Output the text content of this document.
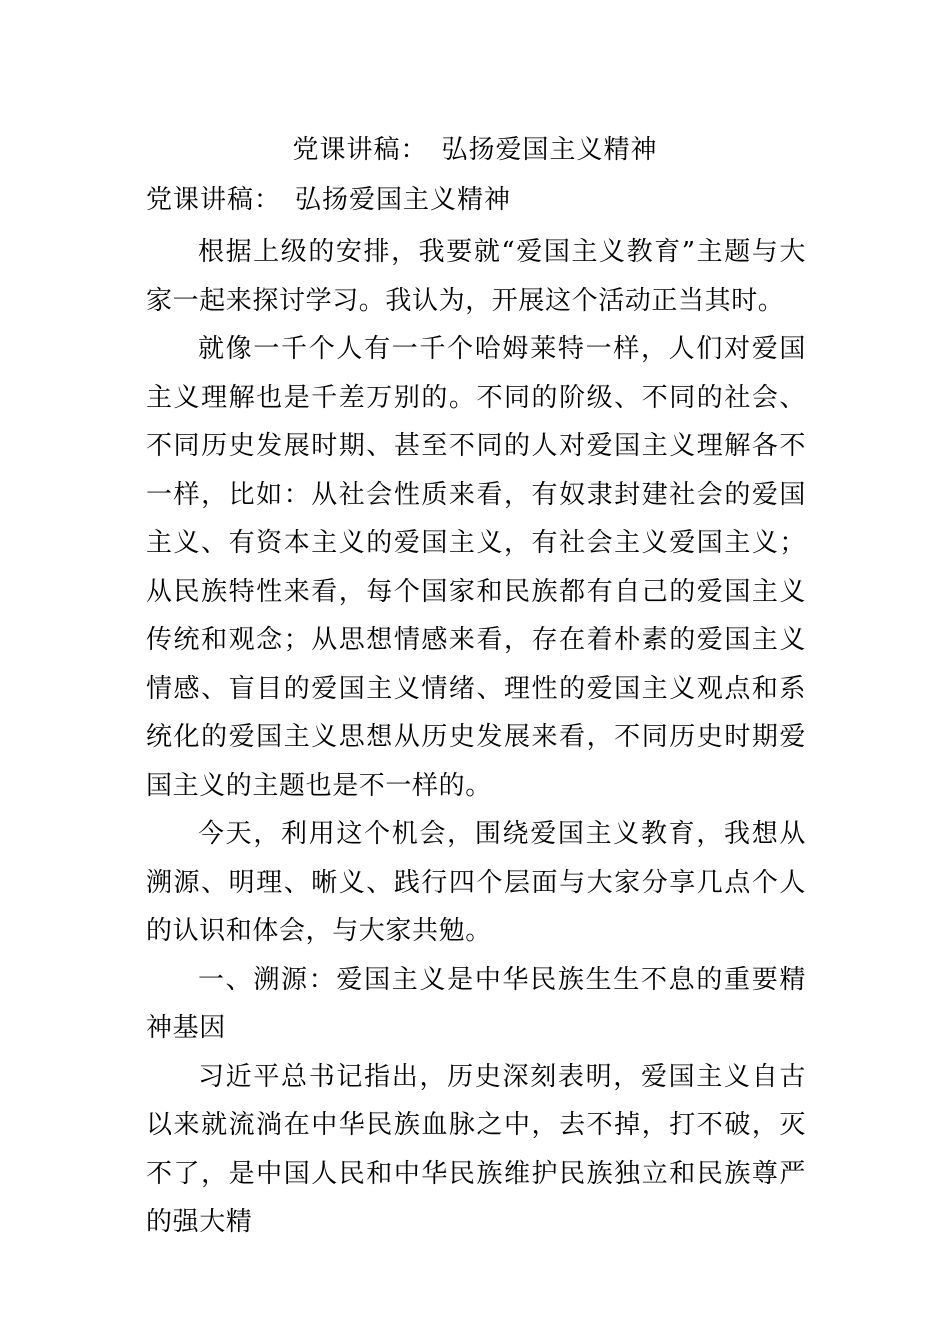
党课讲稿：　弘扬爱国主义精神
党课讲稿：　弘扬爱国主义精神

根据上级的安排，我要就“爱国主义教育”主题与大家一起来探讨学习。我认为，开展这个活动正当其时。

就像一千个人有一千个哈姆莱特一样，人们对爱国主义理解也是千差万别的。不同的阶级、不同的社会、不同历史发展时期、甚至不同的人对爱国主义理解各不一样，比如：从社会性质来看，有奴隶封建社会的爱国主义、有资本主义的爱国主义，有社会主义爱国主义；从民族特性来看，每个国家和民族都有自己的爱国主义传统和观念；从思想情感来看，存在着朴素的爱国主义情感、盲目的爱国主义情绪、理性的爱国主义观点和系统化的爱国主义思想从历史发展来看，不同历史时期爱国主义的主题也是不一样的。

今天，利用这个机会，围绕爱国主义教育，我想从溯源、明理、晰义、践行四个层面与大家分享几点个人的认识和体会，与大家共勉。

一、溯源：爱国主义是中华民族生生不息的重要精神基因

习近平总书记指出，历史深刻表明，爱国主义自古以来就流淌在中华民族血脉之中，去不掉，打不破，灭不了，是中国人民和中华民族维护民族独立和民族尊严的强大精
